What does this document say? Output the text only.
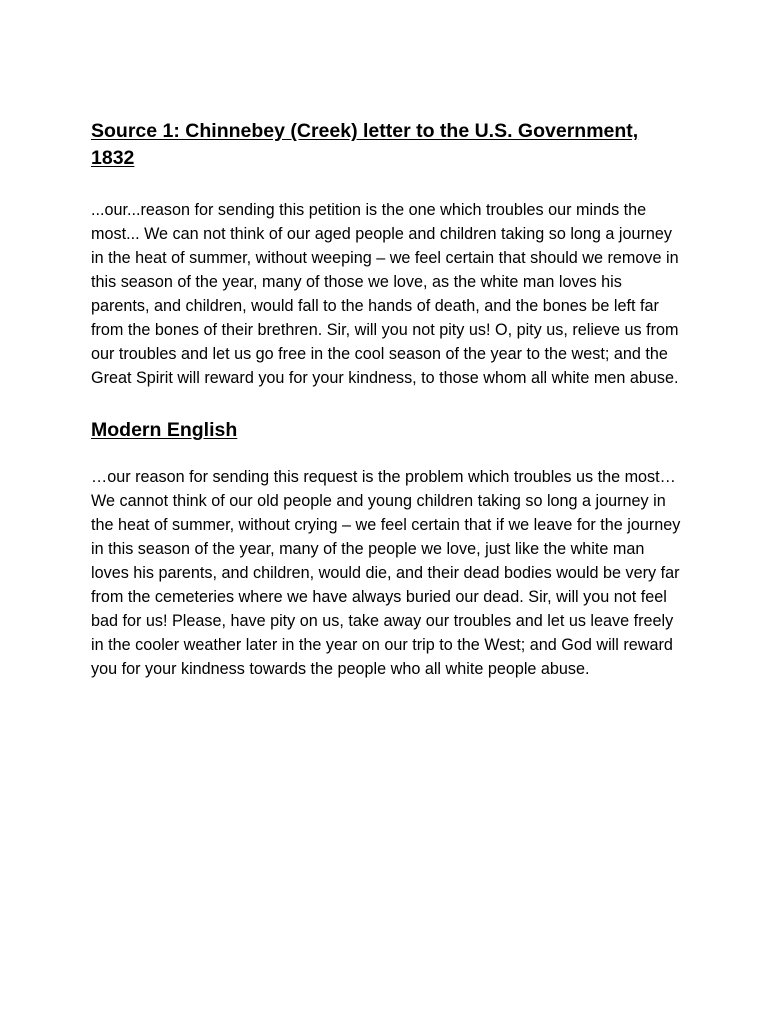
Source 1: Chinnebey (Creek) letter to the U.S. Government, 1832

...our...reason for sending this petition is the one which troubles our minds the most... We can not think of our aged people and children taking so long a journey in the heat of summer, without weeping – we feel certain that should we remove in this season of the year, many of those we love, as the white man loves his parents, and children, would fall to the hands of death, and the bones be left far from the bones of their brethren. Sir, will you not pity us! O, pity us, relieve us from our troubles and let us go free in the cool season of the year to the west; and the Great Spirit will reward you for your kindness, to those whom all white men abuse.

Modern English

…our reason for sending this request is the problem which troubles us the most… We cannot think of our old people and young children taking so long a journey in the heat of summer, without crying – we feel certain that if we leave for the journey in this season of the year, many of the people we love, just like the white man loves his parents, and children, would die, and their dead bodies would be very far from the cemeteries where we have always buried our dead. Sir, will you not feel bad for us! Please, have pity on us, take away our troubles and let us leave freely in the cooler weather later in the year on our trip to the West; and God will reward you for your kindness towards the people who all white people abuse.
